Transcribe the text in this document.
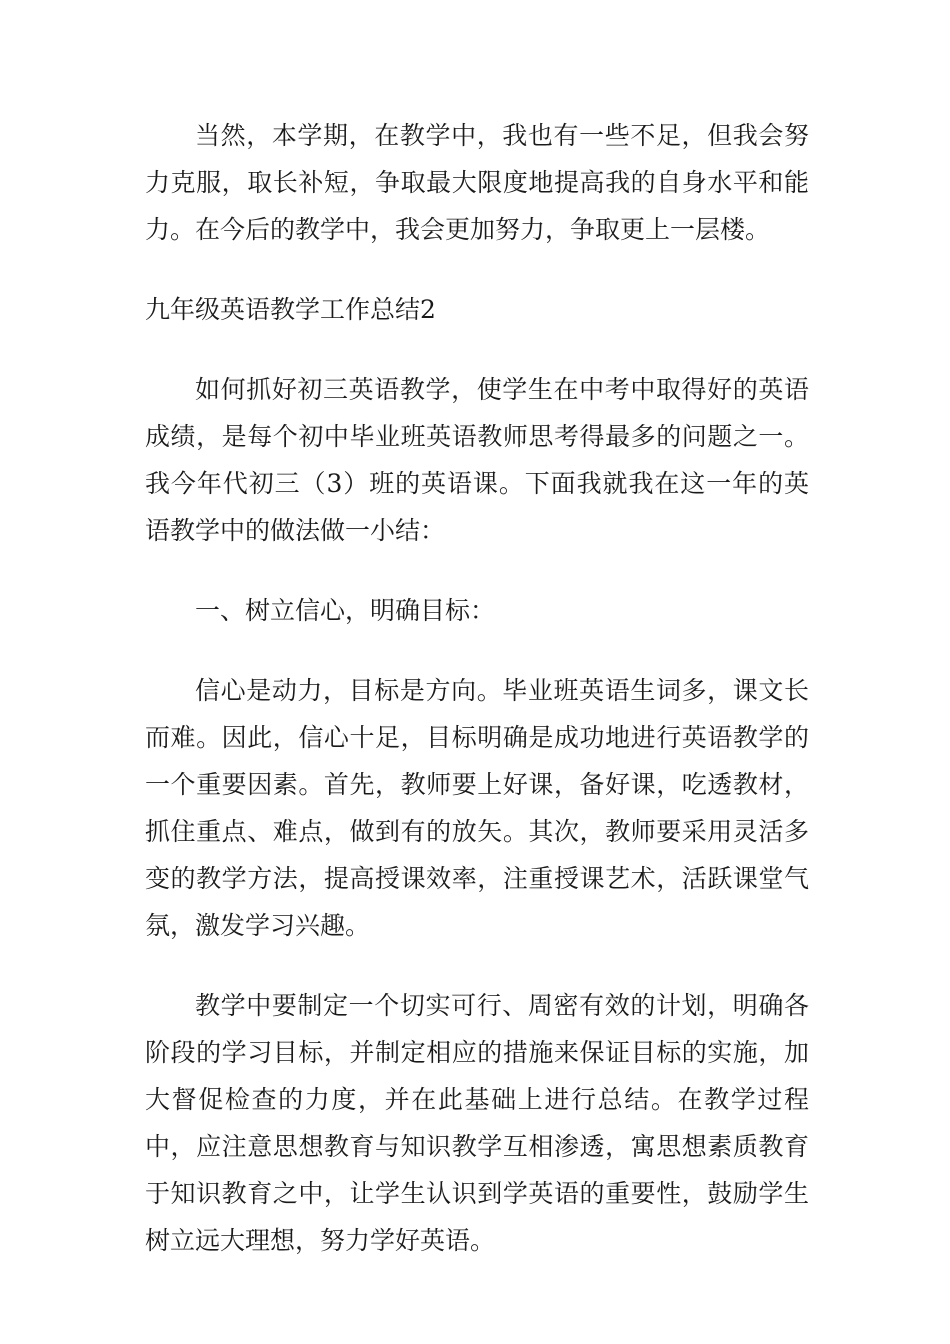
当然，本学期，在教学中，我也有一些不足，但我会努力克服，取长补短，争取最大限度地提高我的自身水平和能力。在今后的教学中，我会更加努力，争取更上一层楼。

九年级英语教学工作总结2

如何抓好初三英语教学，使学生在中考中取得好的英语成绩，是每个初中毕业班英语教师思考得最多的问题之一。我今年代初三（3）班的英语课。下面我就我在这一年的英语教学中的做法做一小结：

一、树立信心，明确目标：

信心是动力，目标是方向。毕业班英语生词多，课文长而难。因此，信心十足，目标明确是成功地进行英语教学的一个重要因素。首先，教师要上好课，备好课，吃透教材，抓住重点、难点，做到有的放矢。其次，教师要采用灵活多变的教学方法，提高授课效率，注重授课艺术，活跃课堂气氛，激发学习兴趣。

教学中要制定一个切实可行、周密有效的计划，明确各阶段的学习目标，并制定相应的措施来保证目标的实施，加大督促检查的力度，并在此基础上进行总结。在教学过程中，应注意思想教育与知识教学互相渗透，寓思想素质教育于知识教育之中，让学生认识到学英语的重要性，鼓励学生树立远大理想，努力学好英语。
